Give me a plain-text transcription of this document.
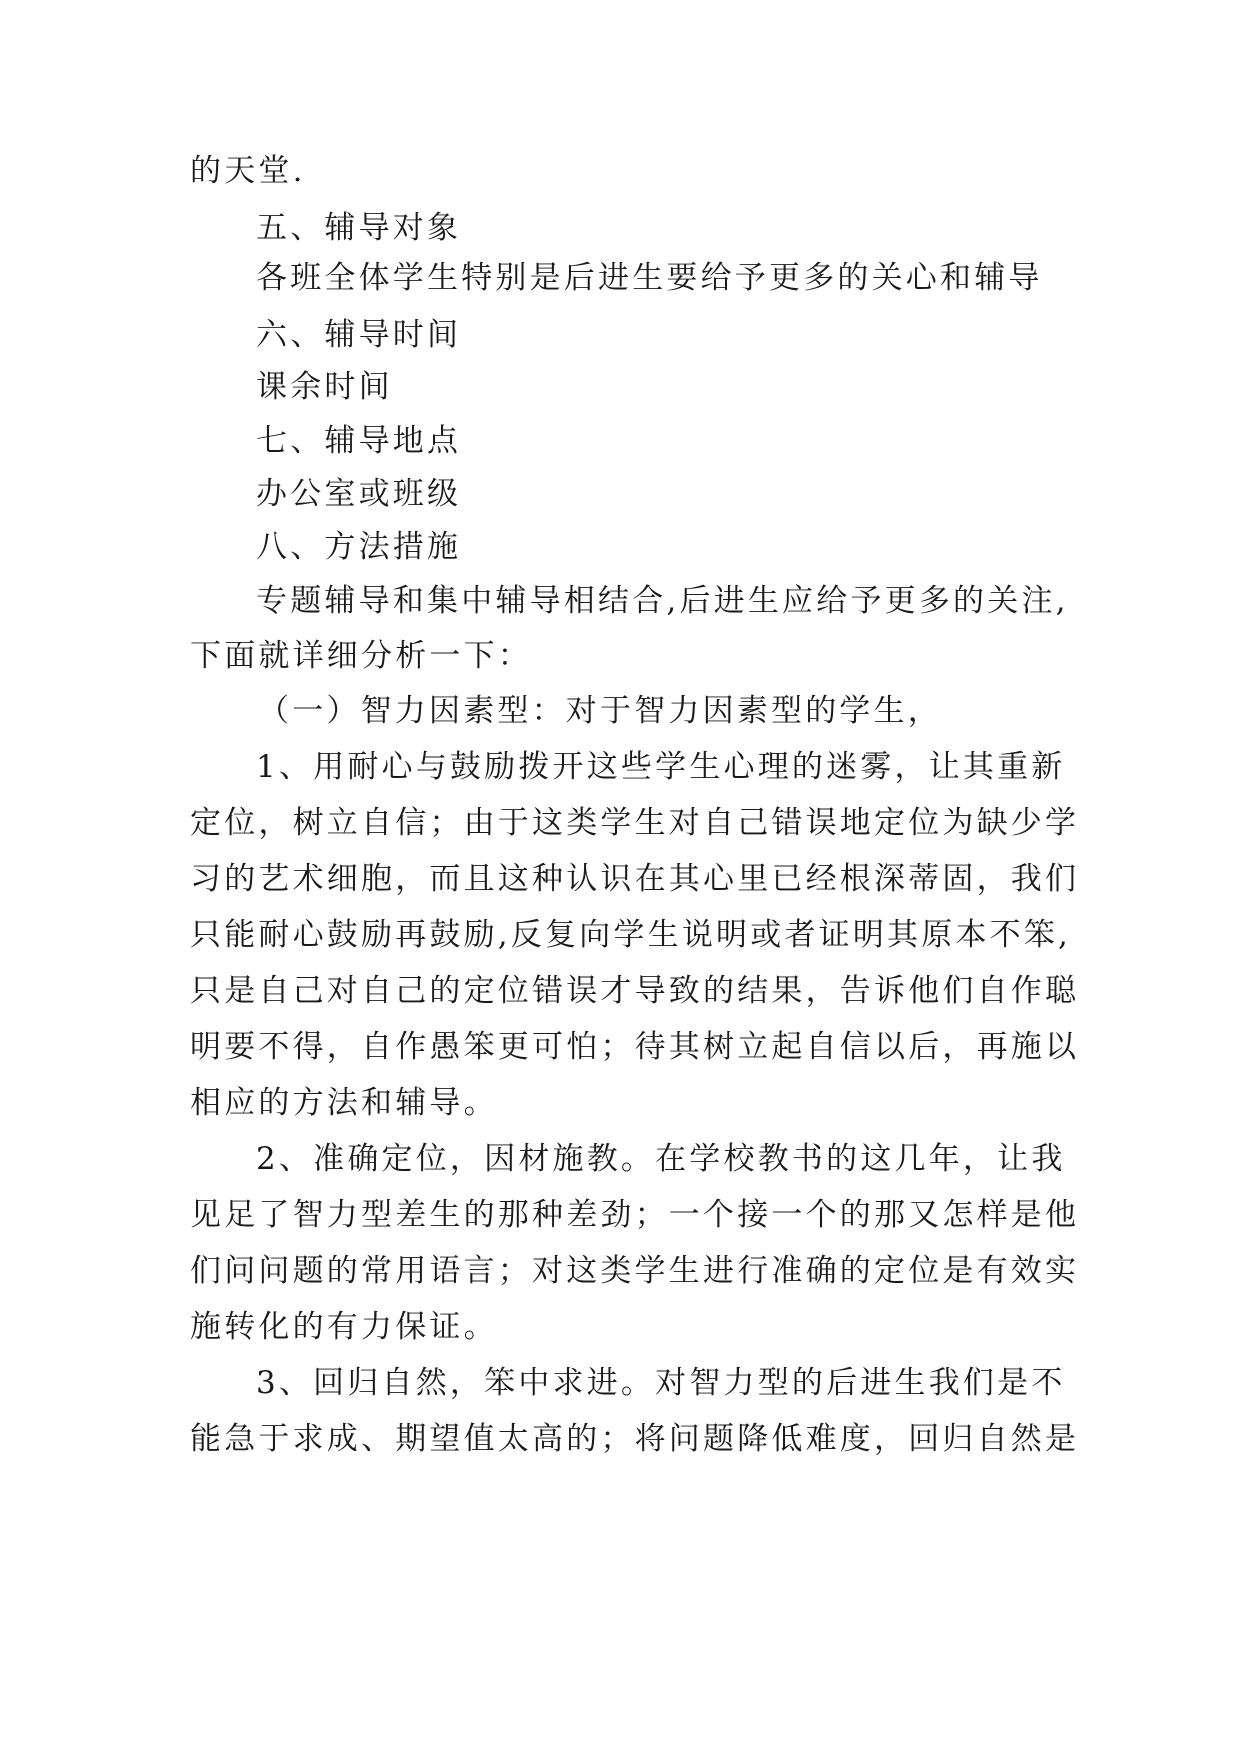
的天堂.
五、辅导对象
各班全体学生特别是后进生要给予更多的关心和辅导
六、辅导时间
课余时间
七、辅导地点
办公室或班级
八、方法措施
专题辅导和集中辅导相结合,后进生应给予更多的关注,
下面就详细分析一下：
（一）智力因素型：对于智力因素型的学生，
1、用耐心与鼓励拨开这些学生心理的迷雾，让其重新
定位，树立自信；由于这类学生对自己错误地定位为缺少学
习的艺术细胞，而且这种认识在其心里已经根深蒂固，我们
只能耐心鼓励再鼓励,反复向学生说明或者证明其原本不笨,
只是自己对自己的定位错误才导致的结果，告诉他们自作聪
明要不得，自作愚笨更可怕；待其树立起自信以后，再施以
相应的方法和辅导。
2、准确定位，因材施教。在学校教书的这几年，让我
见足了智力型差生的那种差劲；一个接一个的那又怎样是他
们问问题的常用语言；对这类学生进行准确的定位是有效实
施转化的有力保证。
3、回归自然，笨中求进。对智力型的后进生我们是不
能急于求成、期望值太高的；将问题降低难度，回归自然是
